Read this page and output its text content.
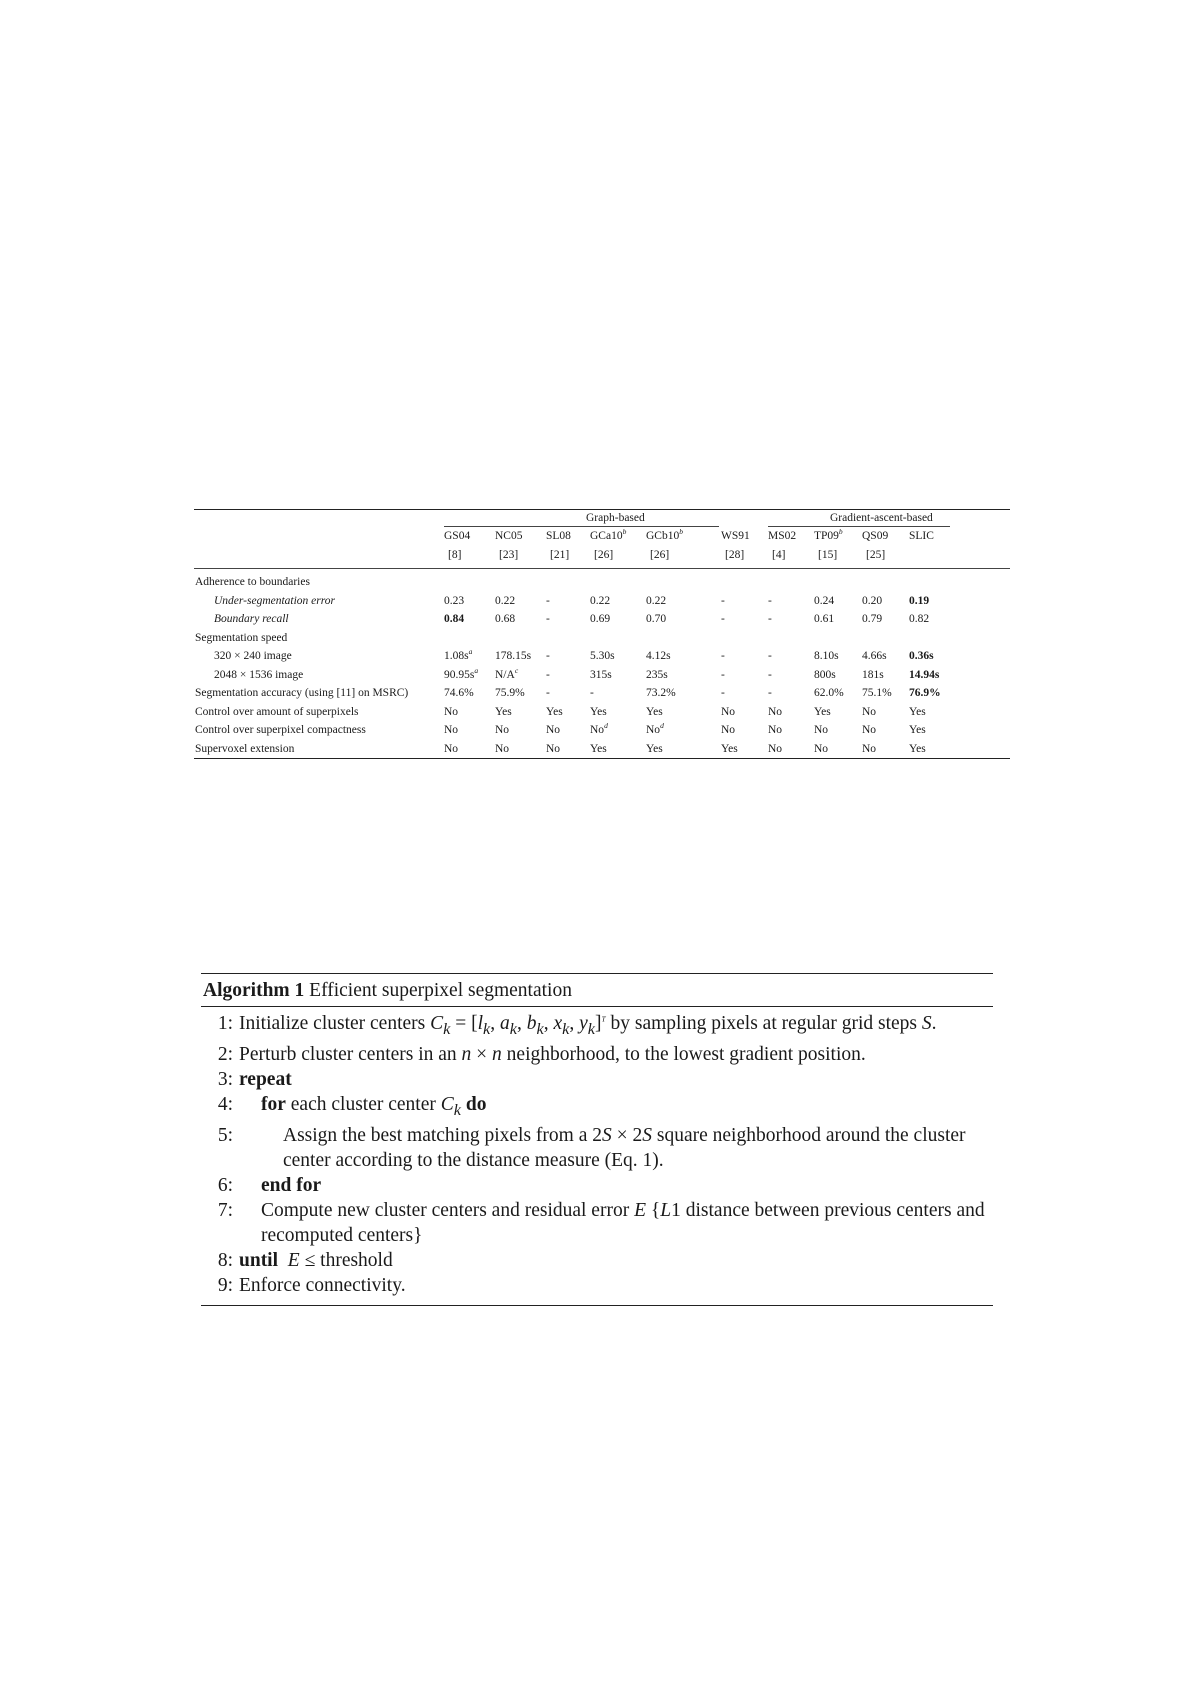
Graph-based	Gradient-ascent-based
GS04 NC05 SL08 GCa10$^b$ GCb10$^b$	WS91 MS02 TP09$^b$ QS09 SLIC
[8]	[23]	[21] [26]	[26]	[28] [4]	[15]	[25]
Adherence to boundaries
Under-segmentation error	0.23	0.22	-	0.22	0.22	-	-	0.24 0.20 0.19
Boundary recall	0.84	0.68	-	0.69	0.70	-	-	0.61 0.79 0.82
Segmentation speed
320 × 240 image	$1.08s^a$ 178.15s -	5.30s	4.12s	-	-	8.10s 4.66s 0.36s
2048 × 1536 image	$90.95s^a$ $N/A^c$ -	315s	235s	-	-	800s 181s 14.94s
Segmentation accuracy (using [11] on MSRC)	74.6% 75.9% -	-	73.2%	-	-	62.0% 75.1% 76.9%
Control over amount of superpixels	No	Yes	Yes Yes	Yes	No	No	Yes	No	Yes
Control over superpixel compactness	No	No	No	No$^d$	No$^d$	No	No	No	No	Yes
Supervoxel extension	No	No	No	Yes	Yes	Yes	No	No	No	Yes
Algorithm 1 Efficient superpixel segmentation
1: Initialize cluster centers $C_k = [l_k$, $a_k$, $b_k$, $x_k$, $y_k]^T$ by sampling pixels at regular grid steps S.
2: Perturb cluster centers in an n × n neighborhood, to the lowest gradient position.
3: repeat
4:	for each cluster center $C_k$ do
5:	Assign the best matching pixels from a 2S × 2S square neighborhood around the cluster center according to the distance measure (Eq. 1).
6:	end for
7:	Compute new cluster centers and residual error E {L1 distance between previous centers and recomputed centers}
8: until E ≤ threshold
9: Enforce connectivity.
